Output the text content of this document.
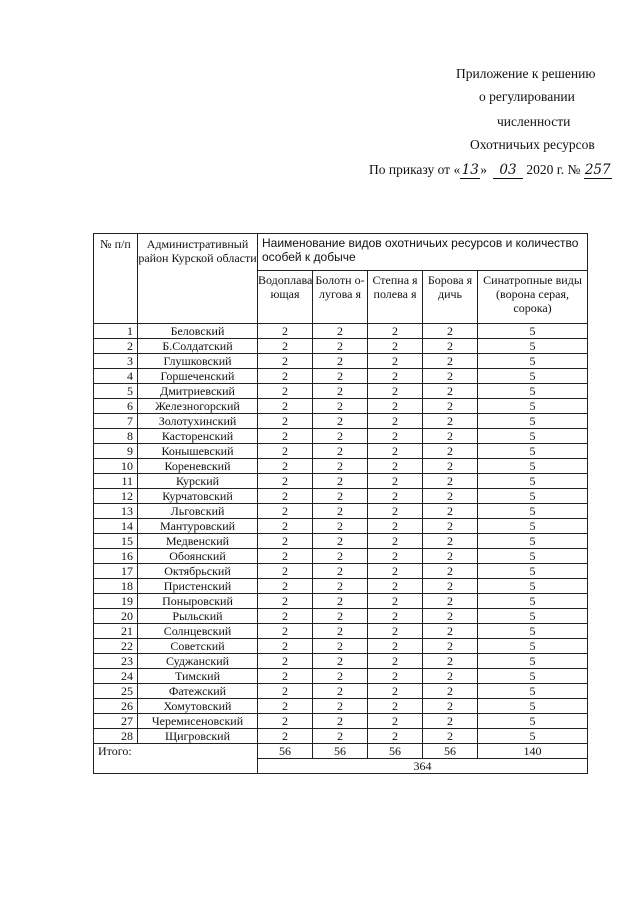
Приложение к решению
о регулировании
численности
Охотничьих ресурсов
По приказу от «13» 03 2020 г. № 257
№ п/п	Административный район Курской области	Наименование видов охотничьих ресурсов и количество особей к добыче				
		Водоплава ющая	Болотн о-лугова я	Степна я полева я	Борова я дичь	Синатропные виды (ворона серая, сорока)
1	Беловский	2	2	2	2	5
2	Б.Солдатский	2	2	2	2	5
3	Глушковский	2	2	2	2	5
4	Горшеченский	2	2	2	2	5
5	Дмитриевский	2	2	2	2	5
6	Железногорский	2	2	2	2	5
7	Золотухинский	2	2	2	2	5
8	Касторенский	2	2	2	2	5
9	Конышевский	2	2	2	2	5
10	Кореневский	2	2	2	2	5
11	Курский	2	2	2	2	5
12	Курчатовский	2	2	2	2	5
13	Льговский	2	2	2	2	5
14	Мантуровский	2	2	2	2	5
15	Медвенский	2	2	2	2	5
16	Обоянский	2	2	2	2	5
17	Октябрьский	2	2	2	2	5
18	Пристенский	2	2	2	2	5
19	Поныровский	2	2	2	2	5
20	Рыльский	2	2	2	2	5
21	Солнцевский	2	2	2	2	5
22	Советский	2	2	2	2	5
23	Суджанский	2	2	2	2	5
24	Тимский	2	2	2	2	5
25	Фатежский	2	2	2	2	5
26	Хомутовский	2	2	2	2	5
27	Черемисеновский	2	2	2	2	5
28	Щигровский	2	2	2	2	5
Итого:		56	56	56	56	140
		364				
